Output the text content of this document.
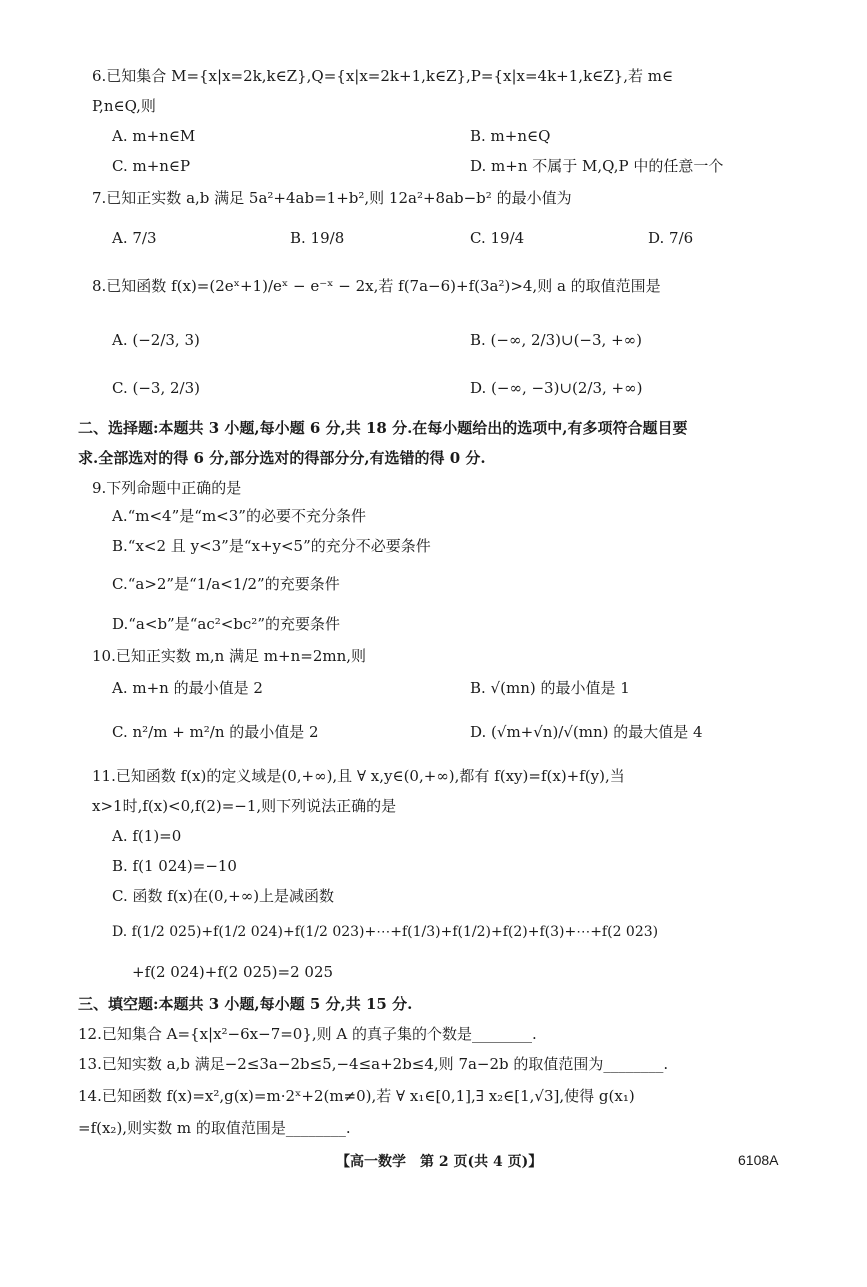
6.已知集合 M={x|x=2k,k∈Z},Q={x|x=2k+1,k∈Z},P={x|x=4k+1,k∈Z},若 m∈
P,n∈Q,则
A. m+n∈M	B. m+n∈Q
C. m+n∈P	D. m+n 不属于 M,Q,P 中的任意一个
7.已知正实数 a,b 满足 5a²+4ab=1+b²,则 12a²+8ab−b² 的最小值为
A. 7/3	B. 19/8	C. 19/4	D. 7/6
8.已知函数 f(x)=(2eˣ+1)/eˣ − e⁻ˣ − 2x,若 f(7a−6)+f(3a²)>4,则 a 的取值范围是
A. (−2/3, 3)	B. (−∞, 2/3)∪(−3, +∞)
C. (−3, 2/3)	D. (−∞, −3)∪(2/3, +∞)
二、选择题:本题共 3 小题,每小题 6 分,共 18 分.在每小题给出的选项中,有多项符合题目要
求.全部选对的得 6 分,部分选对的得部分分,有选错的得 0 分.
9.下列命题中正确的是
A.“m<4”是“m<3”的必要不充分条件
B.“x<2 且 y<3”是“x+y<5”的充分不必要条件
C.“a>2”是“1/a<1/2”的充要条件
D.“a<b”是“ac²<bc²”的充要条件
10.已知正实数 m,n 满足 m+n=2mn,则
A. m+n 的最小值是 2	B. √(mn) 的最小值是 1
C. n²/m + m²/n 的最小值是 2	D. (√m+√n)/√(mn) 的最大值是 4
11.已知函数 f(x)的定义域是(0,+∞),且 ∀ x,y∈(0,+∞),都有 f(xy)=f(x)+f(y),当
x>1时,f(x)<0,f(2)=−1,则下列说法正确的是
A. f(1)=0
B. f(1 024)=−10
C. 函数 f(x)在(0,+∞)上是减函数
D. f(1/2 025)+f(1/2 024)+f(1/2 023)+⋯+f(1/3)+f(1/2)+f(2)+f(3)+⋯+f(2 023)
+f(2 024)+f(2 025)=2 025
三、填空题:本题共 3 小题,每小题 5 分,共 15 分.
12.已知集合 A={x|x²−6x−7=0},则 A 的真子集的个数是________.
13.已知实数 a,b 满足−2≤3a−2b≤5,−4≤a+2b≤4,则 7a−2b 的取值范围为________.
14.已知函数 f(x)=x²,g(x)=m·2ˣ+2(m≠0),若 ∀ x₁∈[0,1],∃ x₂∈[1,√3],使得 g(x₁)
=f(x₂),则实数 m 的取值范围是________.
【高一数学　第 2 页(共 4 页)】	6108A
